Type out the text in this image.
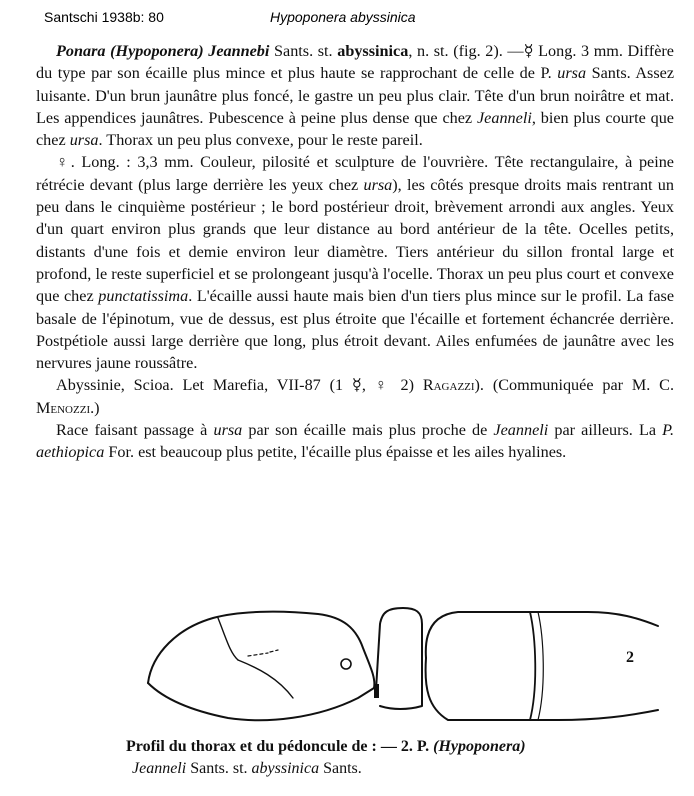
Santschi 1938b: 80	Hypoponera abyssinica

Ponara (Hypoponera) Jeannebi Sants. st. abyssinica, n. st. (fig. 2). —☿ Long. 3 mm. Diffère du type par son écaille plus mince et plus haute se rapprochant de celle de P. ursa Sants. Assez luisante. D'un brun jaunâtre plus foncé, le gastre un peu plus clair. Tête d'un brun noirâtre et mat. Les appendices jaunâtres. Pubescence à peine plus dense que chez Jeanneli, bien plus courte que chez ursa. Thorax un peu plus convexe, pour le reste pareil.

♀. Long. : 3,3 mm. Couleur, pilosité et sculpture de l'ouvrière. Tête rectangulaire, à peine rétrécie devant (plus large derrière les yeux chez ursa), les côtés presque droits mais rentrant un peu dans le cinquième postérieur ; le bord postérieur droit, brèvement arrondi aux angles. Yeux d'un quart environ plus grands que leur distance au bord antérieur de la tête. Ocelles petits, distants d'une fois et demie environ leur diamètre. Tiers antérieur du sillon frontal large et profond, le reste superficiel et se prolongeant jusqu'à l'ocelle. Thorax un peu plus court et convexe que chez punctatissima. L'écaille aussi haute mais bien d'un tiers plus mince sur le profil. La fase basale de l'épinotum, vue de dessus, est plus étroite que l'écaille et fortement échancrée derrière. Postpétiole aussi large derrière que long, plus étroit devant. Ailes enfumées de jaunâtre avec les nervures jaune roussâtre.

Abyssinie, Scioa. Let Marefia, VII-87 (1 ☿, ♀ 2) Ragazzi). (Communiquée par M. C. Menozzi.)

Race faisant passage à ursa par son écaille mais plus proche de Jeanneli par ailleurs. La P. aethiopica For. est beaucoup plus petite, l'écaille plus épaisse et les ailes hyalines.

2
Profil du thorax et du pédoncule de : — 2. P. (Hypoponera)
Jeanneli Sants. st. abyssinica Sants.
